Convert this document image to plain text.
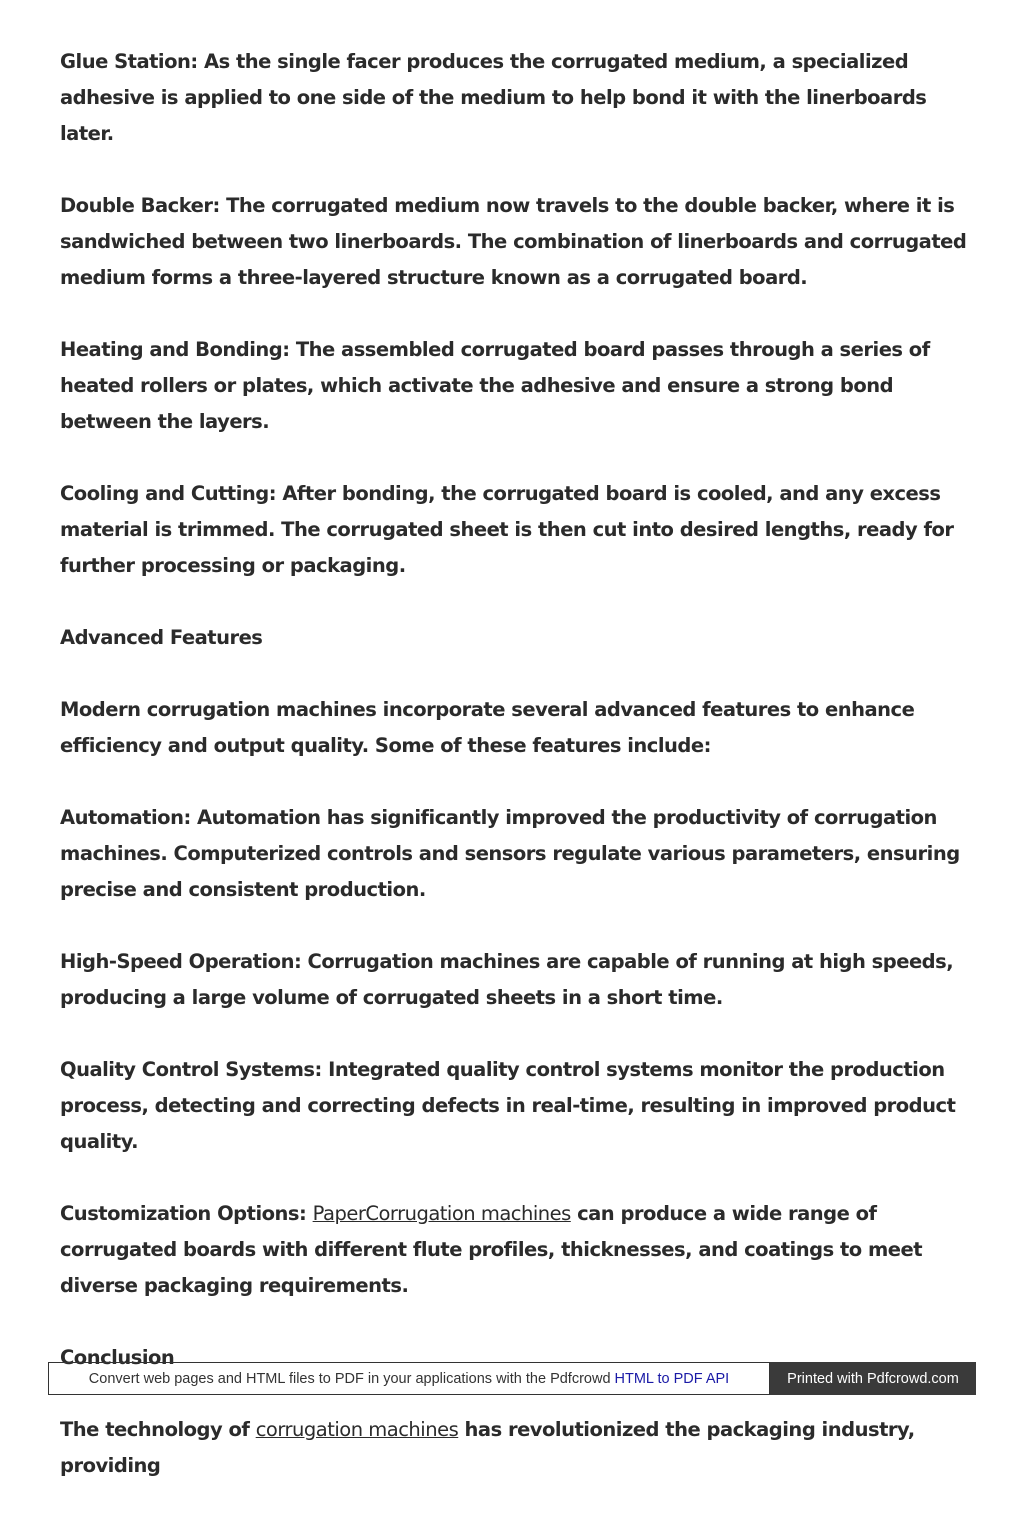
Glue Station: As the single facer produces the corrugated medium, a specialized adhesive is applied to one side of the medium to help bond it with the linerboards later.

Double Backer: The corrugated medium now travels to the double backer, where it is sandwiched between two linerboards. The combination of linerboards and corrugated medium forms a three-layered structure known as a corrugated board.

Heating and Bonding: The assembled corrugated board passes through a series of heated rollers or plates, which activate the adhesive and ensure a strong bond between the layers.

Cooling and Cutting: After bonding, the corrugated board is cooled, and any excess material is trimmed. The corrugated sheet is then cut into desired lengths, ready for further processing or packaging.

Advanced Features

Modern corrugation machines incorporate several advanced features to enhance efficiency and output quality. Some of these features include:

Automation: Automation has significantly improved the productivity of corrugation machines. Computerized controls and sensors regulate various parameters, ensuring precise and consistent production.

High-Speed Operation: Corrugation machines are capable of running at high speeds, producing a large volume of corrugated sheets in a short time.

Quality Control Systems: Integrated quality control systems monitor the production process, detecting and correcting defects in real-time, resulting in improved product quality.

Customization Options: PaperCorrugation machines can produce a wide range of corrugated boards with different flute profiles, thicknesses, and coatings to meet diverse packaging requirements.

Conclusion

The technology of corrugation machines has revolutionized the packaging industry, providing

Convert web pages and HTML files to PDF in your applications with the Pdfcrowd HTML to PDF API	Printed with Pdfcrowd.com
